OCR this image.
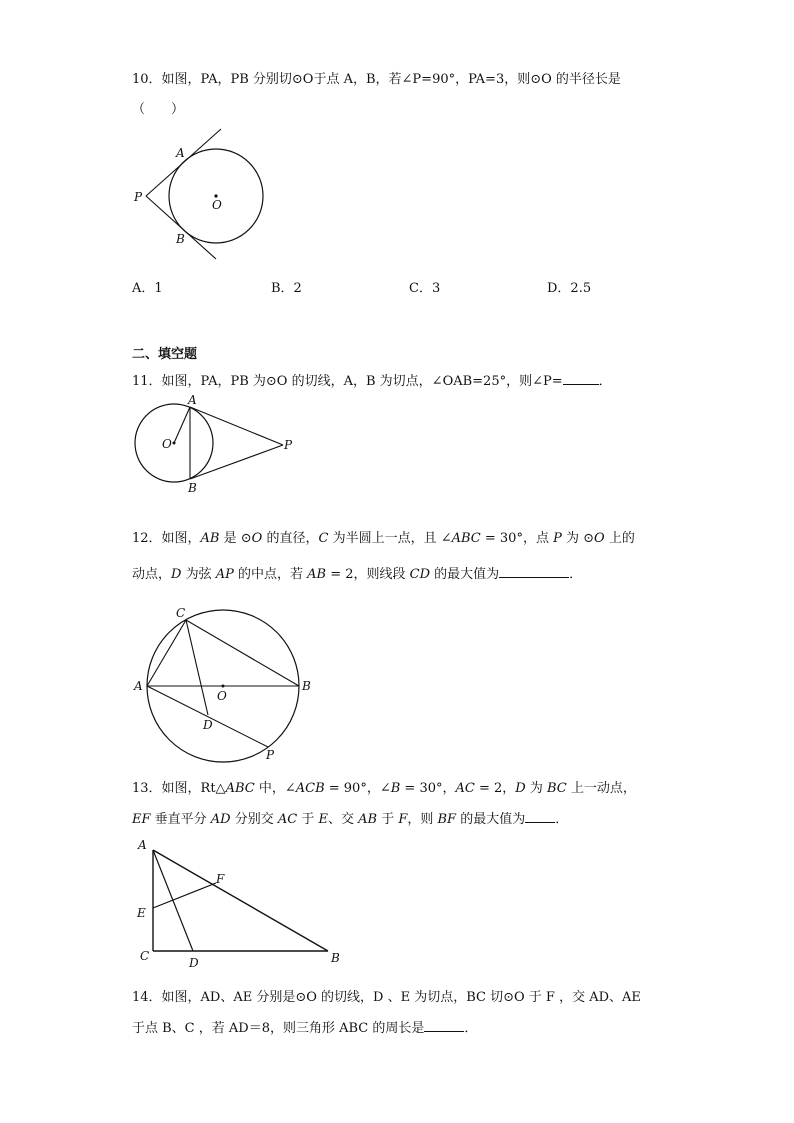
10．如图，PA，PB 分别切⊙O于点 A，B，若∠P=90°，PA=3，则⊙O 的半径长是
（　　）
A
B
P
O
A．1	B．2	C．3	D．2.5
二、填空题
11．如图，PA，PB 为⊙O 的切线，A，B 为切点，∠OAB=25°，则∠P=	．
A
B
P
O
12．如图，AB 是 ⊙O 的直径，C 为半圆上一点，且 ∠ABC = 30°，点 P 为 ⊙O 上的
动点，D 为弦 AP 的中点，若 AB = 2，则线段 CD 的最大值为	．
C
A	B
O
D
P
13．如图，Rt△ABC 中，∠ACB = 90°，∠B = 30°，AC = 2，D 为 BC 上一动点，
EF 垂直平分 AD 分别交 AC 于 E、交 AB 于 F，则 BF 的最大值为 ．
A
E
F
C	D	B
14．如图，AD、AE 分别是⊙O 的切线，D 、E 为切点，BC 切⊙O 于 F ，交 AD、AE
于点 B、C ，若 AD＝8，则三角形 ABC 的周长是	．
